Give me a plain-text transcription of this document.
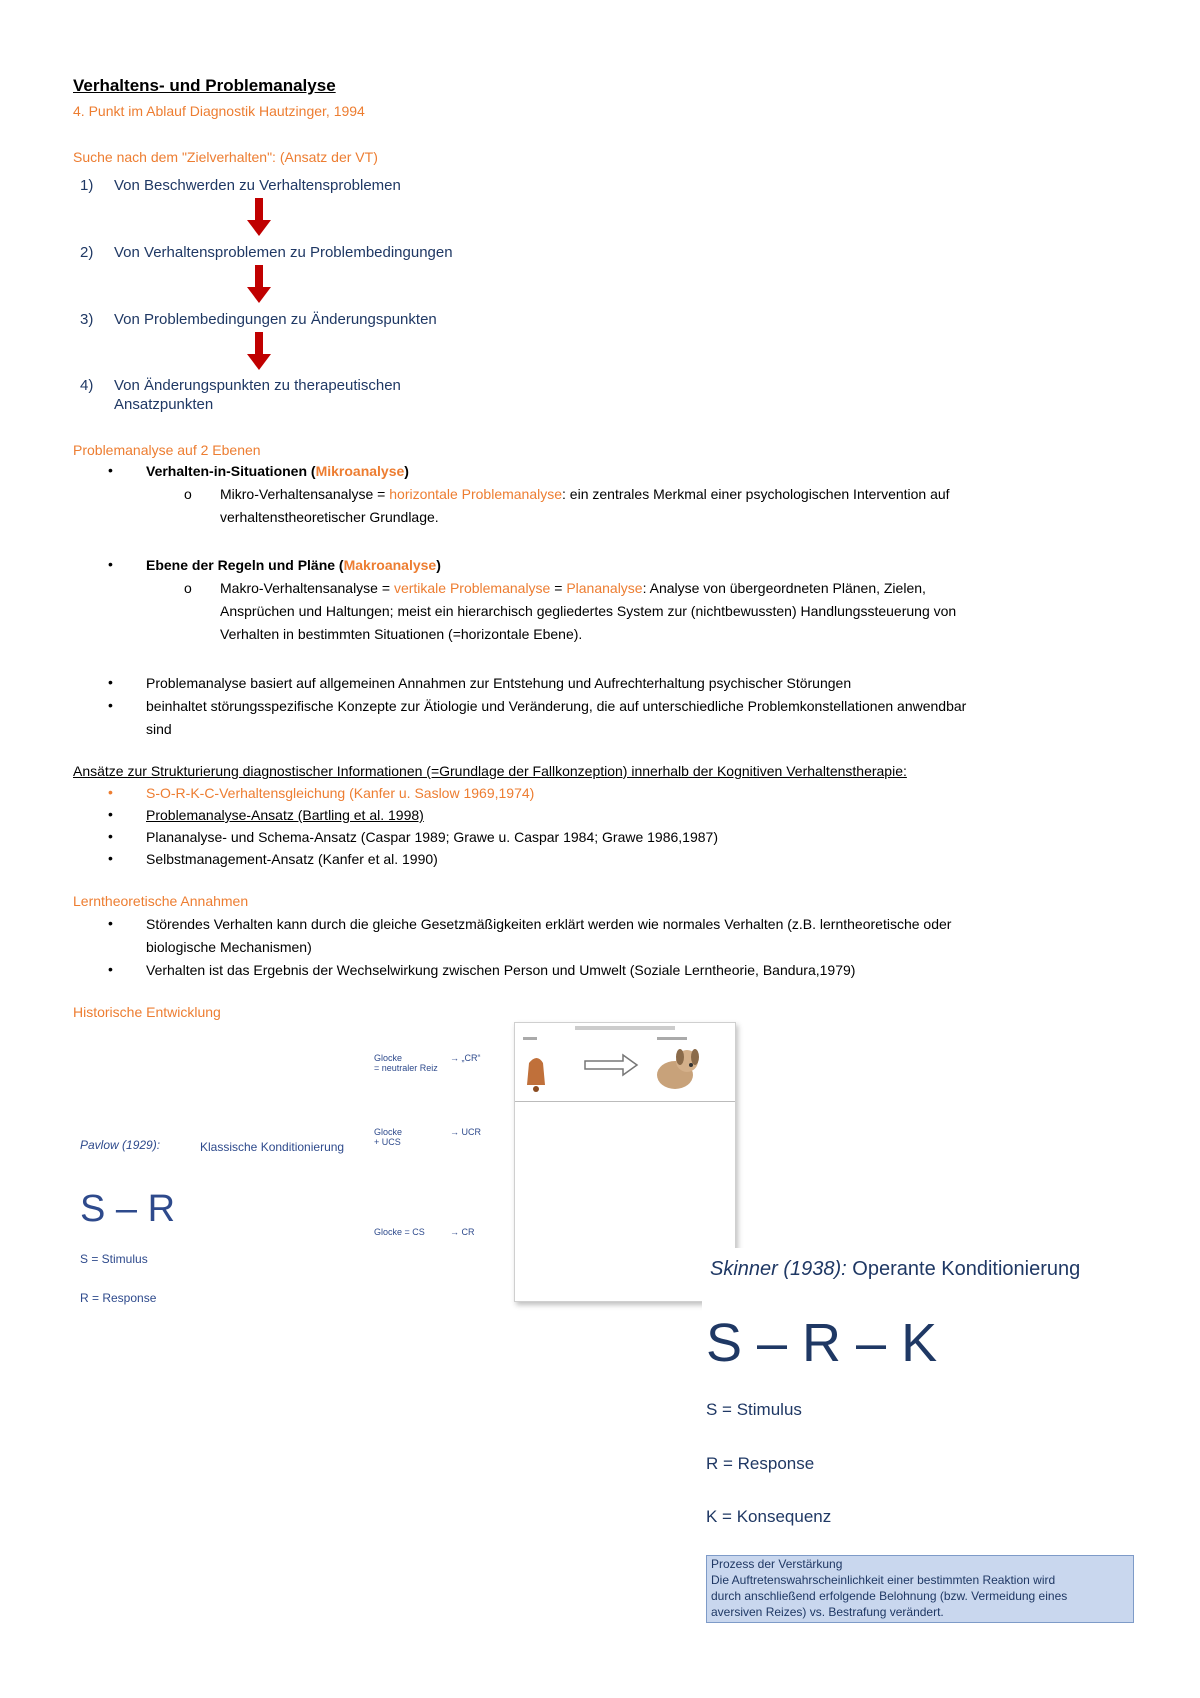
Verhaltens- und Problemanalyse
4. Punkt im Ablauf Diagnostik Hautzinger, 1994
Suche nach dem "Zielverhalten": (Ansatz der VT)
1) Von Beschwerden zu Verhaltensproblemen
2) Von Verhaltensproblemen zu Problembedingungen
3) Von Problembedingungen zu Änderungspunkten
4) Von Änderungspunkten zu therapeutischen
Ansatzpunkten
Problemanalyse auf 2 Ebenen
• Verhalten-in-Situationen (Mikroanalyse)
o Mikro-Verhaltensanalyse = horizontale Problemanalyse: ein zentrales Merkmal einer psychologischen Intervention auf
verhaltenstheoretischer Grundlage.
• Ebene der Regeln und Pläne (Makroanalyse)
o Makro-Verhaltensanalyse = vertikale Problemanalyse = Plananalyse: Analyse von übergeordneten Plänen, Zielen,
Ansprüchen und Haltungen; meist ein hierarchisch gegliedertes System zur (nichtbewussten) Handlungssteuerung von
Verhalten in bestimmten Situationen (=horizontale Ebene).
• Problemanalyse basiert auf allgemeinen Annahmen zur Entstehung und Aufrechterhaltung psychischer Störungen
• beinhaltet störungsspezifische Konzepte zur Ätiologie und Veränderung, die auf unterschiedliche Problemkonstellationen anwendbar
sind
Ansätze zur Strukturierung diagnostischer Informationen (=Grundlage der Fallkonzeption) innerhalb der Kognitiven Verhaltenstherapie:
• S-O-R-K-C-Verhaltensgleichung (Kanfer u. Saslow 1969,1974)
• Problemanalyse-Ansatz (Bartling et al. 1998)
• Plananalyse- und Schema-Ansatz (Caspar 1989; Grawe u. Caspar 1984; Grawe 1986,1987)
• Selbstmanagement-Ansatz (Kanfer et al. 1990)
Lerntheoretische Annahmen
• Störendes Verhalten kann durch die gleiche Gesetzmäßigkeiten erklärt werden wie normales Verhalten (z.B. lerntheoretische oder
biologische Mechanismen)
• Verhalten ist das Ergebnis der Wechselwirkung zwischen Person und Umwelt (Soziale Lerntheorie, Bandura,1979)
Historische Entwicklung
Pavlow (1929):	Klassische Konditionierung
S – R
S = Stimulus
R = Response
Glocke
= neutraler Reiz
→ „CR“
Glocke
+ UCS
→ UCR
Glocke = CS	→ CR
Skinner (1938): Operante Konditionierung
S – R – K
S = Stimulus
R = Response
K = Konsequenz
Prozess der Verstärkung
Die Auftretenswahrscheinlichkeit einer bestimmten Reaktion wird
durch anschließend erfolgende Belohnung (bzw. Vermeidung eines
aversiven Reizes) vs. Bestrafung verändert.
